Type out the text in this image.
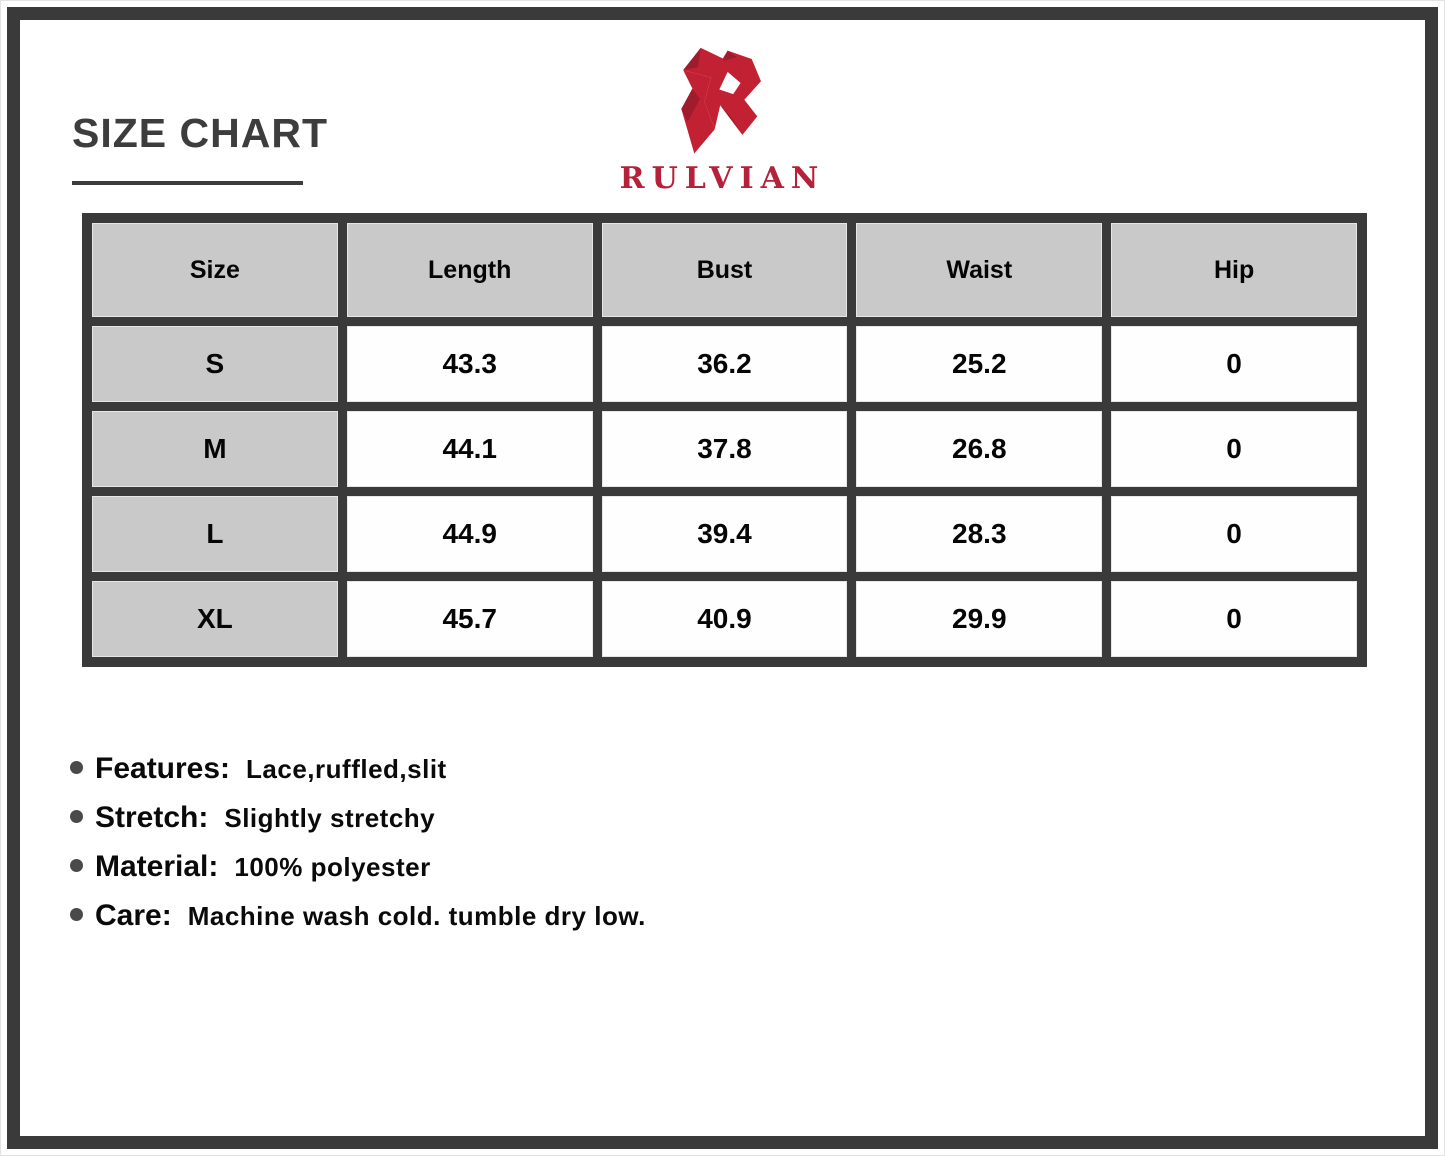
SIZE CHART
RULVIAN
Size	Length	Bust	Waist	Hip
S	43.3	36.2	25.2	0
M	44.1	37.8	26.8	0
L	44.9	39.4	28.3	0
XL	45.7	40.9	29.9	0
Features: Lace,ruffled,slit
Stretch: Slightly stretchy
Material: 100% polyester
Care: Machine wash cold. tumble dry low.
